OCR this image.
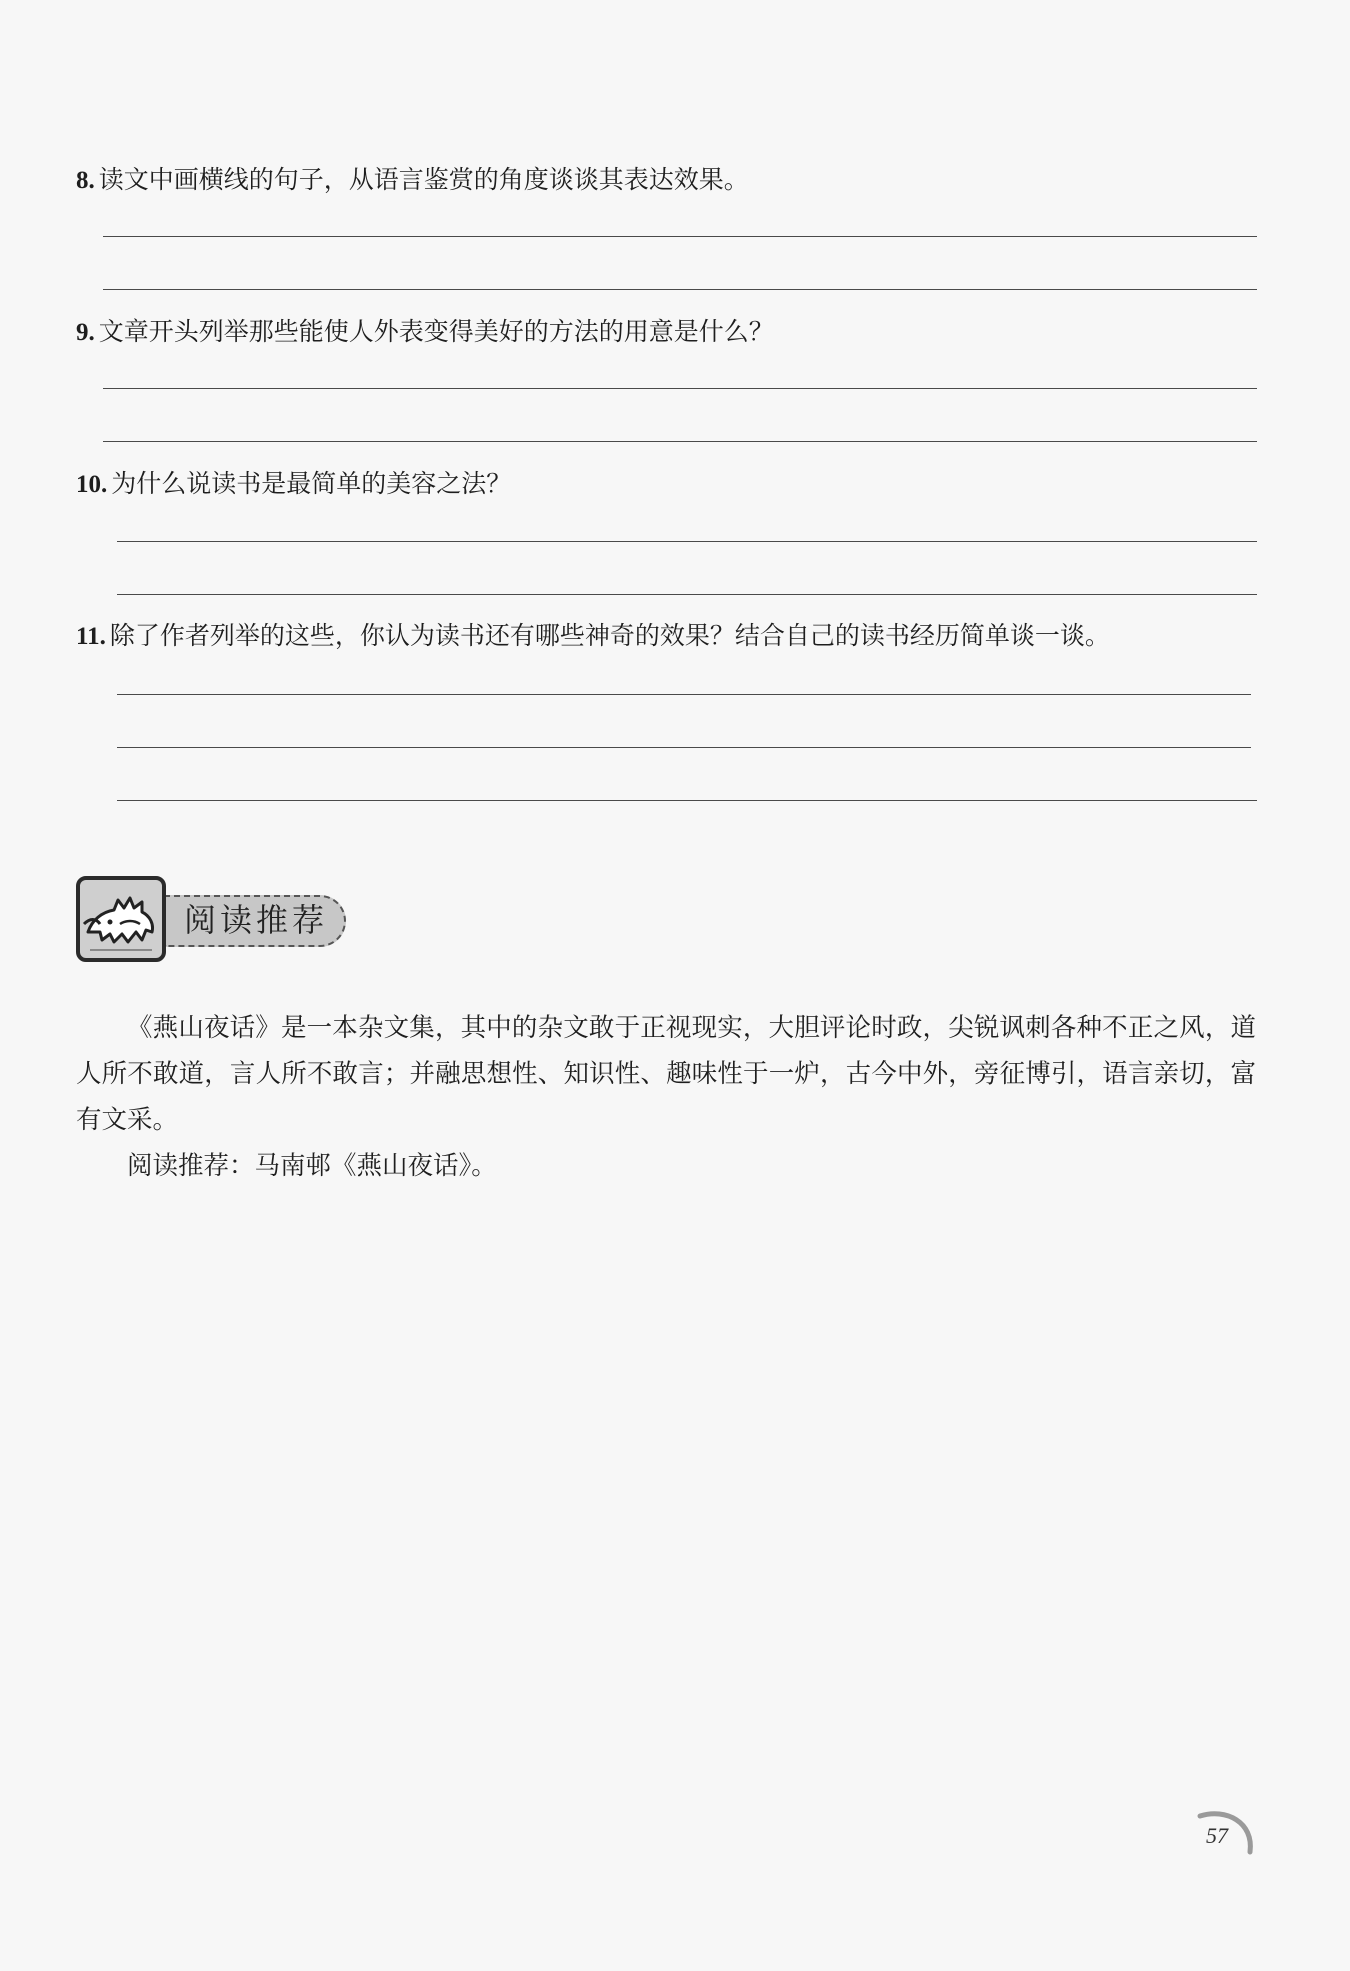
8. 读文中画横线的句子，从语言鉴赏的角度谈谈其表达效果。
9. 文章开头列举那些能使人外表变得美好的方法的用意是什么？
10. 为什么说读书是最简单的美容之法？
11. 除了作者列举的这些，你认为读书还有哪些神奇的效果？结合自己的读书经历简单谈一谈。
阅读推荐

《燕山夜话》是一本杂文集，其中的杂文敢于正视现实，大胆评论时政，尖锐讽刺各种不正之风，道人所不敢道，言人所不敢言；并融思想性、知识性、趣味性于一炉，古今中外，旁征博引，语言亲切，富有文采。

阅读推荐：马南邨《燕山夜话》。

57
